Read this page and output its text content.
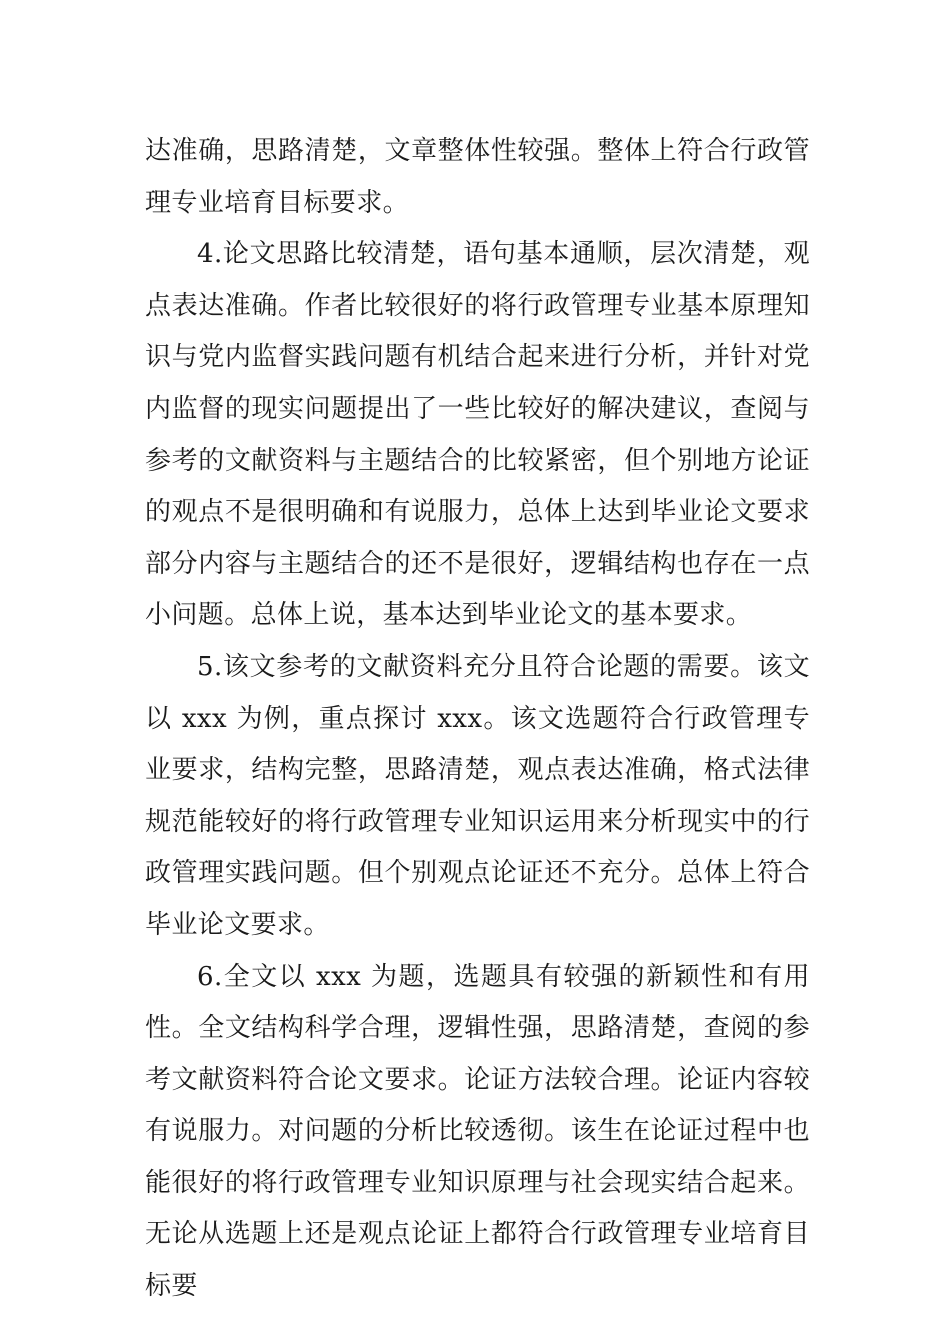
达准确，思路清楚，文章整体性较强。整体上符合行政管理专业培育目标要求。

4.论文思路比较清楚，语句基本通顺，层次清楚，观点表达准确。作者比较很好的将行政管理专业基本原理知识与党内监督实践问题有机结合起来进行分析，并针对党内监督的现实问题提出了一些比较好的解决建议，查阅与参考的文献资料与主题结合的比较紧密，但个别地方论证的观点不是很明确和有说服力，总体上达到毕业论文要求部分内容与主题结合的还不是很好，逻辑结构也存在一点小问题。总体上说，基本达到毕业论文的基本要求。

5.该文参考的文献资料充分且符合论题的需要。该文以 xxx 为例，重点探讨 xxx。该文选题符合行政管理专业要求，结构完整，思路清楚，观点表达准确，格式法律规范能较好的将行政管理专业知识运用来分析现实中的行政管理实践问题。但个别观点论证还不充分。总体上符合毕业论文要求。

6.全文以 xxx 为题，选题具有较强的新颖性和有用性。全文结构科学合理，逻辑性强，思路清楚，查阅的参考文献资料符合论文要求。论证方法较合理。论证内容较有说服力。对问题的分析比较透彻。该生在论证过程中也能很好的将行政管理专业知识原理与社会现实结合起来。无论从选题上还是观点论证上都符合行政管理专业培育目标要
